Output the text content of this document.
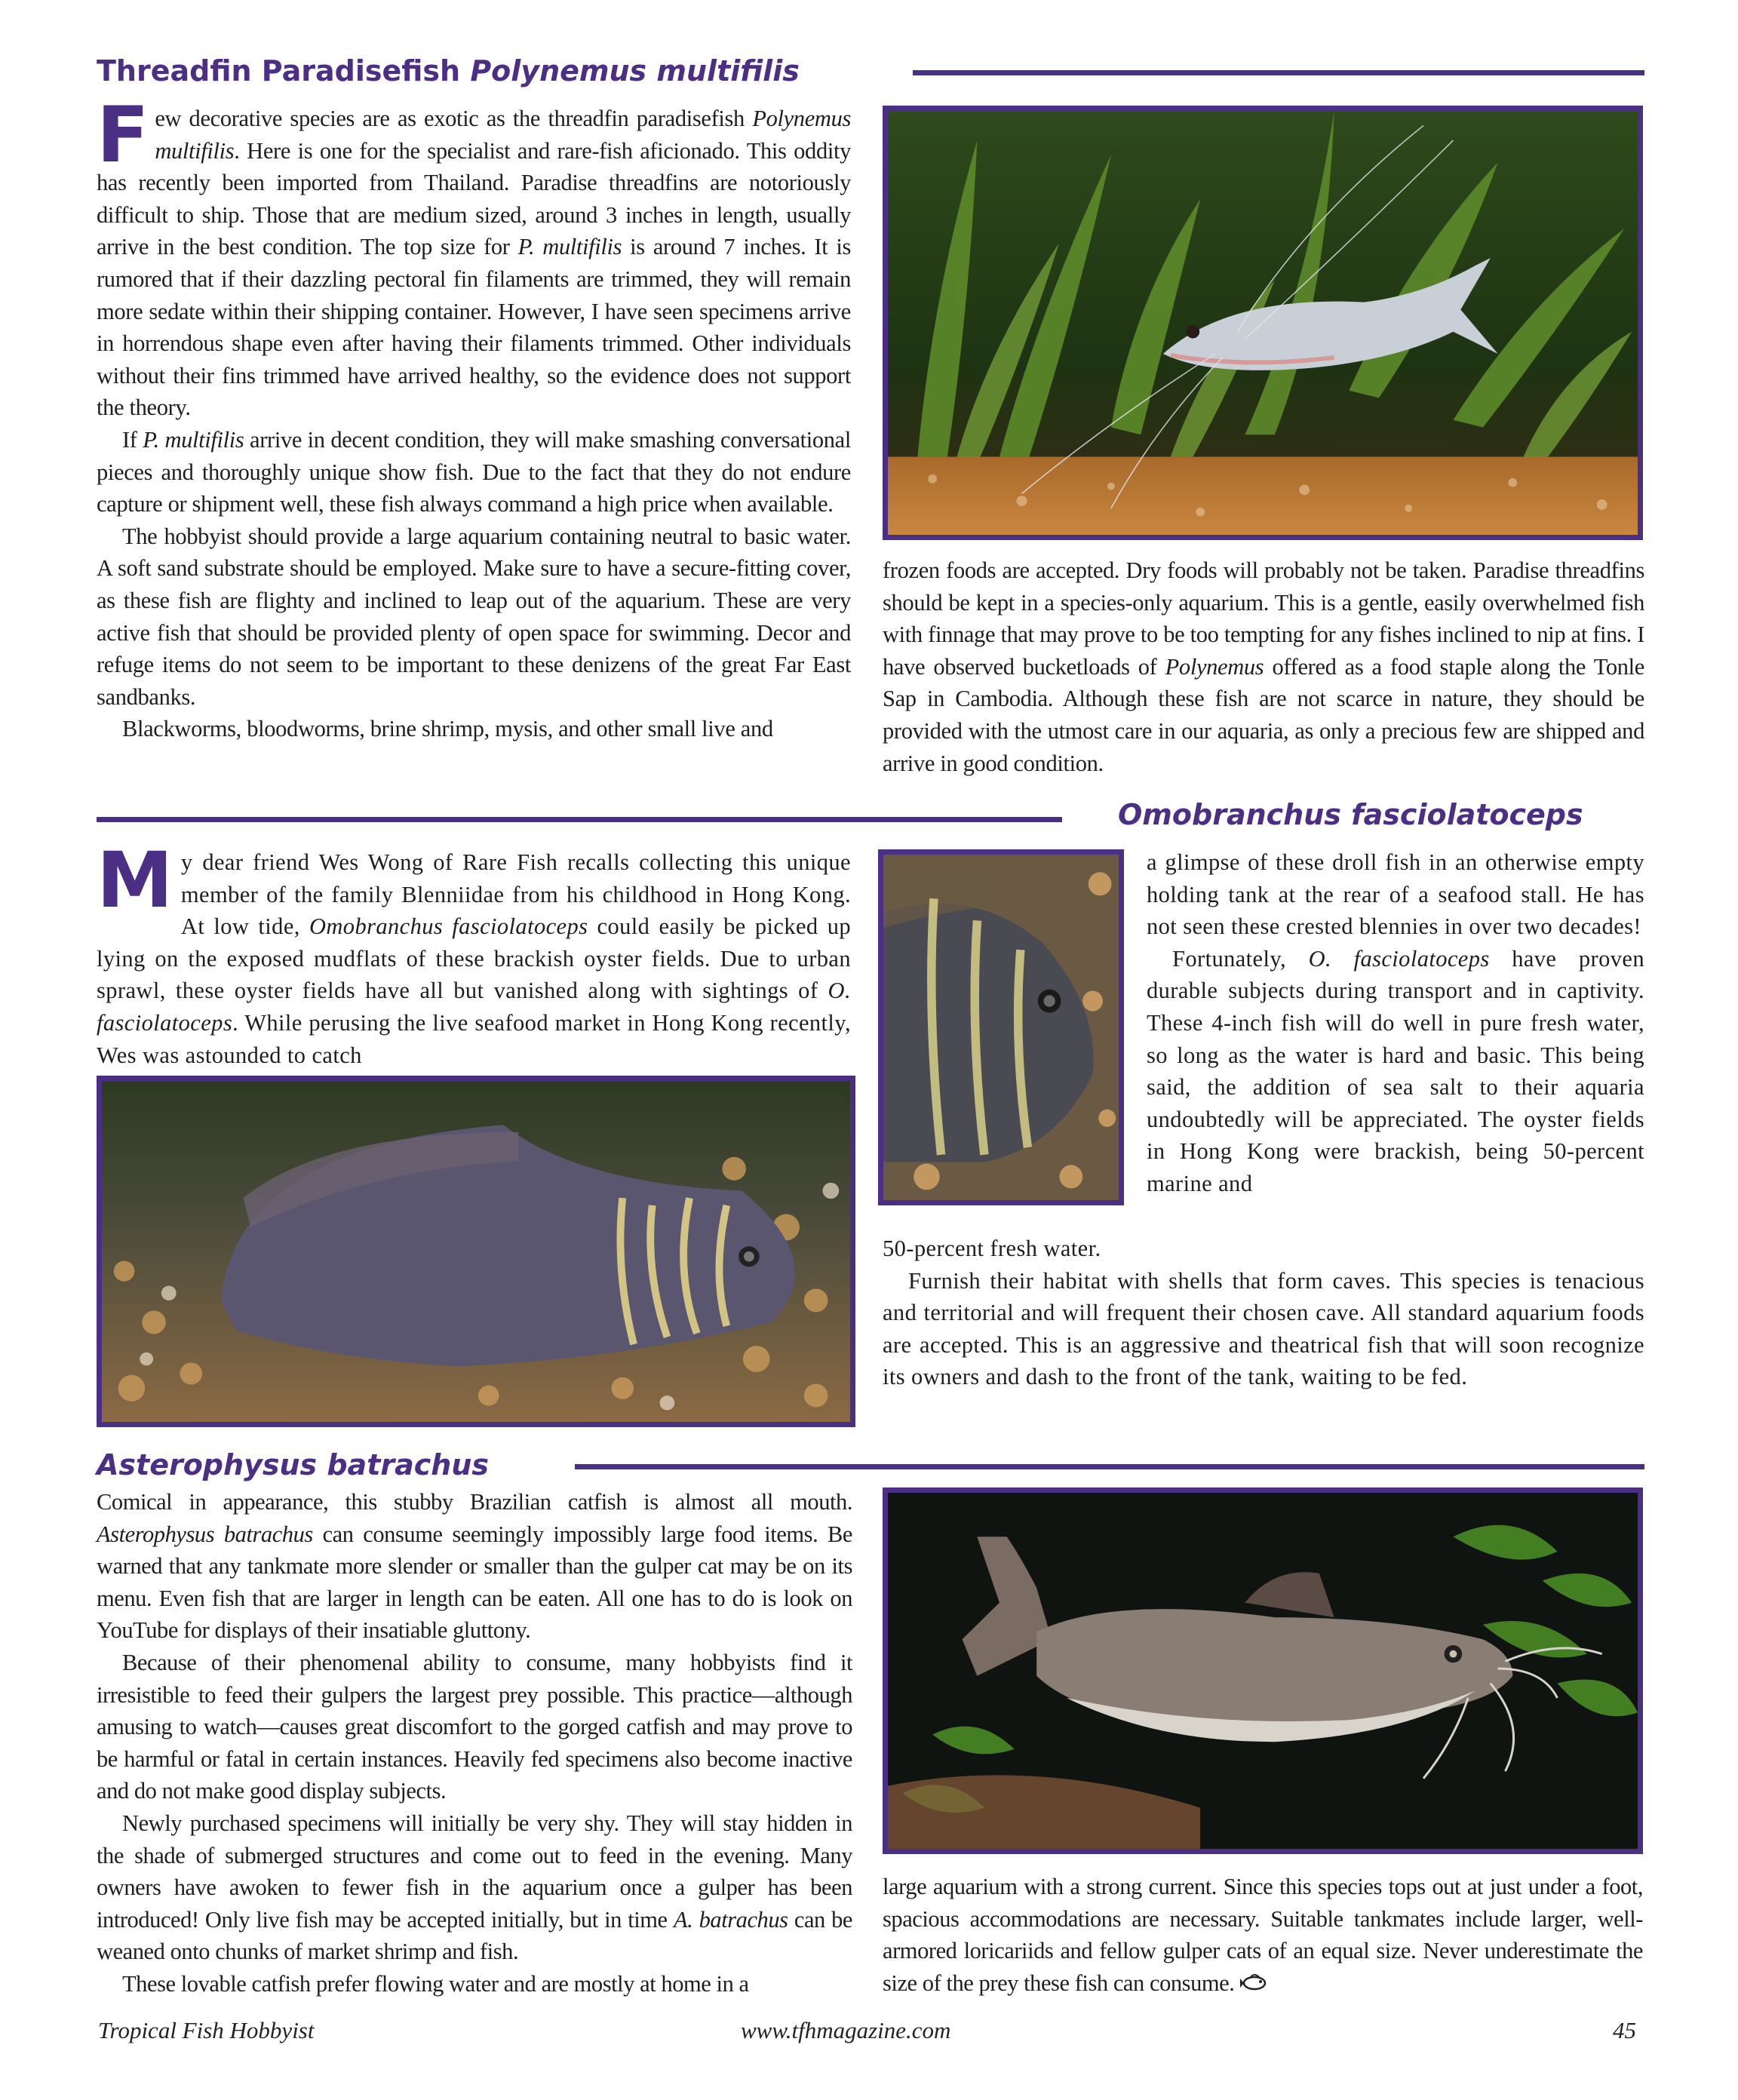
Threadfin Paradisefish Polynemus multifilis

Few decorative species are as exotic as the threadfin paradisefish Polynemus multifilis. Here is one for the specialist and rare-fish aficionado. This oddity has recently been imported from Thailand. Paradise threadfins are notoriously difficult to ship. Those that are medium sized, around 3 inches in length, usually arrive in the best condition. The top size for P. multifilis is around 7 inches. It is rumored that if their dazzling pectoral fin filaments are trimmed, they will remain more sedate within their shipping container. However, I have seen specimens arrive in horrendous shape even after having their filaments trimmed. Other individuals without their fins trimmed have arrived healthy, so the evidence does not support the theory.

If P. multifilis arrive in decent condition, they will make smashing conversational pieces and thoroughly unique show fish. Due to the fact that they do not endure capture or shipment well, these fish always command a high price when available.

The hobbyist should provide a large aquarium containing neutral to basic water. A soft sand substrate should be employed. Make sure to have a secure-fitting cover, as these fish are flighty and inclined to leap out of the aquarium. These are very active fish that should be provided plenty of open space for swimming. Decor and refuge items do not seem to be important to these denizens of the great Far East sandbanks.

Blackworms, bloodworms, brine shrimp, mysis, and other small live and

frozen foods are accepted. Dry foods will probably not be taken. Paradise threadfins should be kept in a species-only aquarium. This is a gentle, easily overwhelmed fish with finnage that may prove to be too tempting for any fishes inclined to nip at fins. I have observed bucketloads of Polynemus offered as a food staple along the Tonle Sap in Cambodia. Although these fish are not scarce in nature, they should be provided with the utmost care in our aquaria, as only a precious few are shipped and arrive in good condition.

Omobranchus fasciolatoceps

My dear friend Wes Wong of Rare Fish recalls collecting this unique member of the family Blenniidae from his childhood in Hong Kong. At low tide, Omobranchus fasciolatoceps could easily be picked up lying on the exposed mudflats of these brackish oyster fields. Due to urban sprawl, these oyster fields have all but vanished along with sightings of O. fasciolatoceps. While perusing the live seafood market in Hong Kong recently, Wes was astounded to catch

a glimpse of these droll fish in an otherwise empty holding tank at the rear of a seafood stall. He has not seen these crested blennies in over two decades!

Fortunately, O. fasciolatoceps have proven durable subjects during transport and in captivity. These 4-inch fish will do well in pure fresh water, so long as the water is hard and basic. This being said, the addition of sea salt to their aquaria undoubtedly will be appreciated. The oyster fields in Hong Kong were brackish, being 50-percent marine and

50-percent fresh water.

Furnish their habitat with shells that form caves. This species is tenacious and territorial and will frequent their chosen cave. All standard aquarium foods are accepted. This is an aggressive and theatrical fish that will soon recognize its owners and dash to the front of the tank, waiting to be fed.

Asterophysus batrachus

Comical in appearance, this stubby Brazilian catfish is almost all mouth. Asterophysus batrachus can consume seemingly impossibly large food items. Be warned that any tankmate more slender or smaller than the gulper cat may be on its menu. Even fish that are larger in length can be eaten. All one has to do is look on YouTube for displays of their insatiable gluttony.

Because of their phenomenal ability to consume, many hobbyists find it irresistible to feed their gulpers the largest prey possible. This practice—although amusing to watch—causes great discomfort to the gorged catfish and may prove to be harmful or fatal in certain instances. Heavily fed specimens also become inactive and do not make good display subjects.

Newly purchased specimens will initially be very shy. They will stay hidden in the shade of submerged structures and come out to feed in the evening. Many owners have awoken to fewer fish in the aquarium once a gulper has been introduced! Only live fish may be accepted initially, but in time A. batrachus can be weaned onto chunks of market shrimp and fish.

These lovable catfish prefer flowing water and are mostly at home in a

large aquarium with a strong current. Since this species tops out at just under a foot, spacious accommodations are necessary. Suitable tankmates include larger, well-armored loricariids and fellow gulper cats of an equal size. Never underestimate the size of the prey these fish can consume.

Tropical Fish Hobbyist	www.tfhmagazine.com	45
